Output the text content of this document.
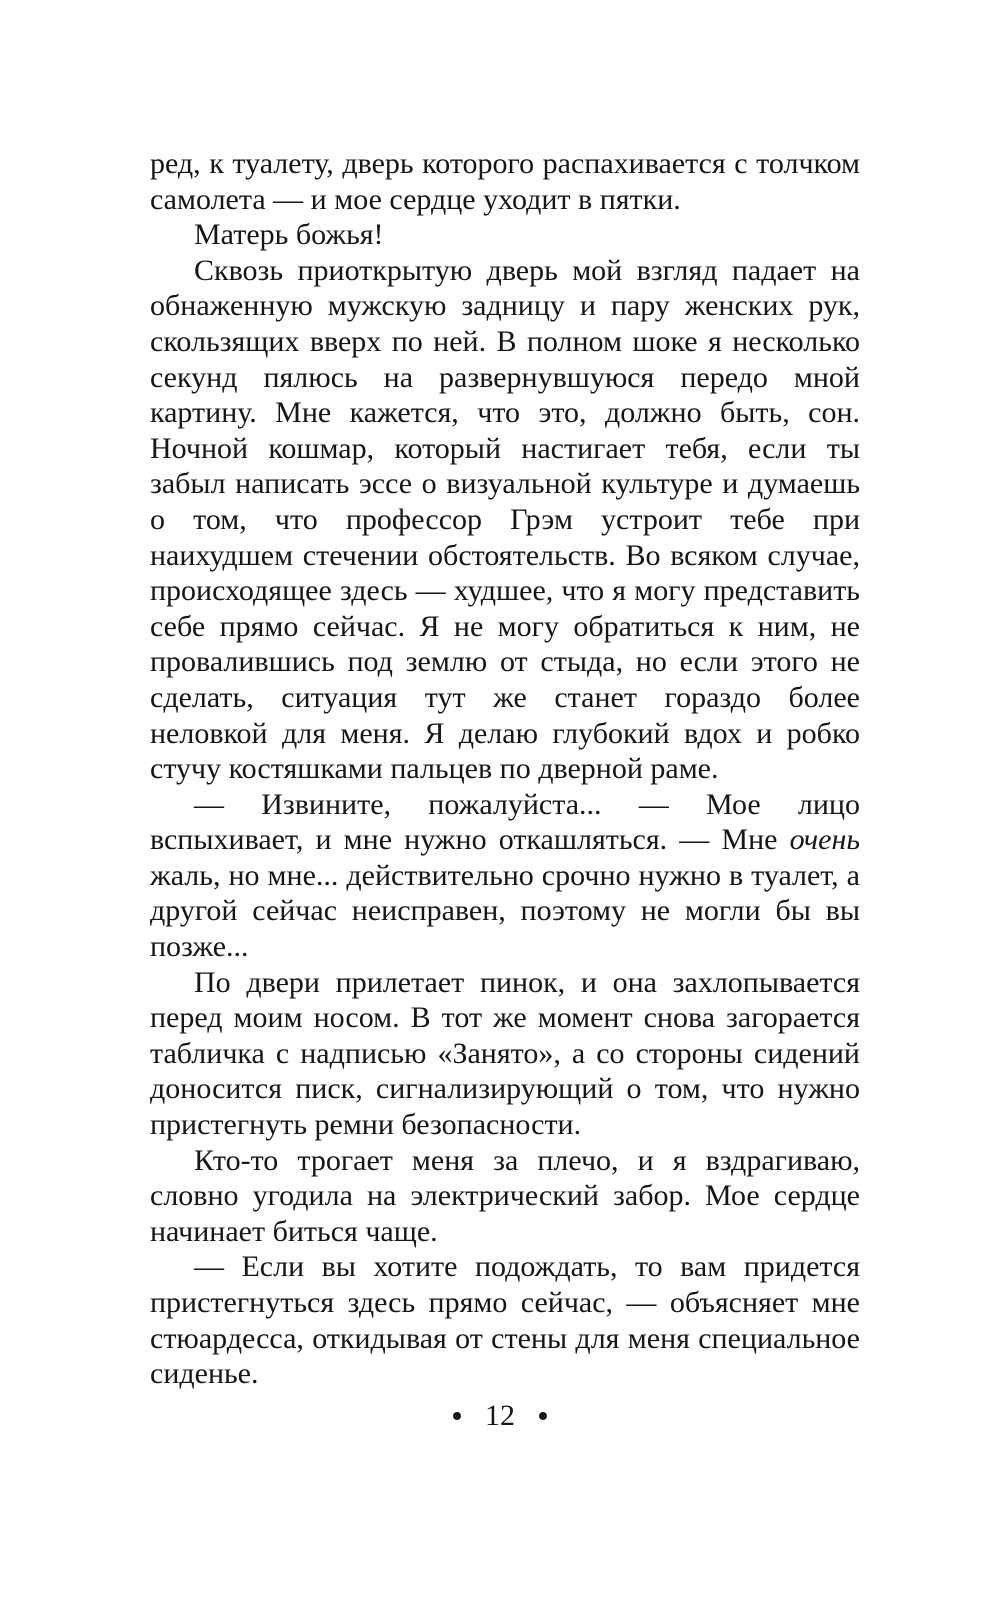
ред, к туалету, дверь которого распахивается с толчком самолета — и мое сердце уходит в пятки.

Матерь божья!

Сквозь приоткрытую дверь мой взгляд падает на обнаженную мужскую задницу и пару женских рук, скользящих вверх по ней. В полном шоке я несколько секунд пялюсь на развернувшуюся передо мной картину. Мне кажется, что это, должно быть, сон. Ночной кошмар, который настигает тебя, если ты забыл написать эссе о визуальной культуре и думаешь о том, что профессор Грэм устроит тебе при наихудшем стечении обстоятельств. Во всяком случае, происходящее здесь — худшее, что я могу представить себе прямо сейчас. Я не могу обратиться к ним, не провалившись под землю от стыда, но если этого не сделать, ситуация тут же станет гораздо более неловкой для меня. Я делаю глубокий вдох и робко стучу костяшками пальцев по дверной раме.

— Извините, пожалуйста... — Мое лицо вспыхивает, и мне нужно откашляться. — Мне очень жаль, но мне... действительно срочно нужно в туалет, а другой сейчас неисправен, поэтому не могли бы вы позже...

По двери прилетает пинок, и она захлопывается перед моим носом. В тот же момент снова загорается табличка с надписью «Занято», а со стороны сидений доносится писк, сигнализирующий о том, что нужно пристегнуть ремни безопасности.

Кто-то трогает меня за плечо, и я вздрагиваю, словно угодила на электрический забор. Мое сердце начинает биться чаще.

— Если вы хотите подождать, то вам придется пристегнуться здесь прямо сейчас, — объясняет мне стюардесса, откидывая от стены для меня специальное сиденье.

12
